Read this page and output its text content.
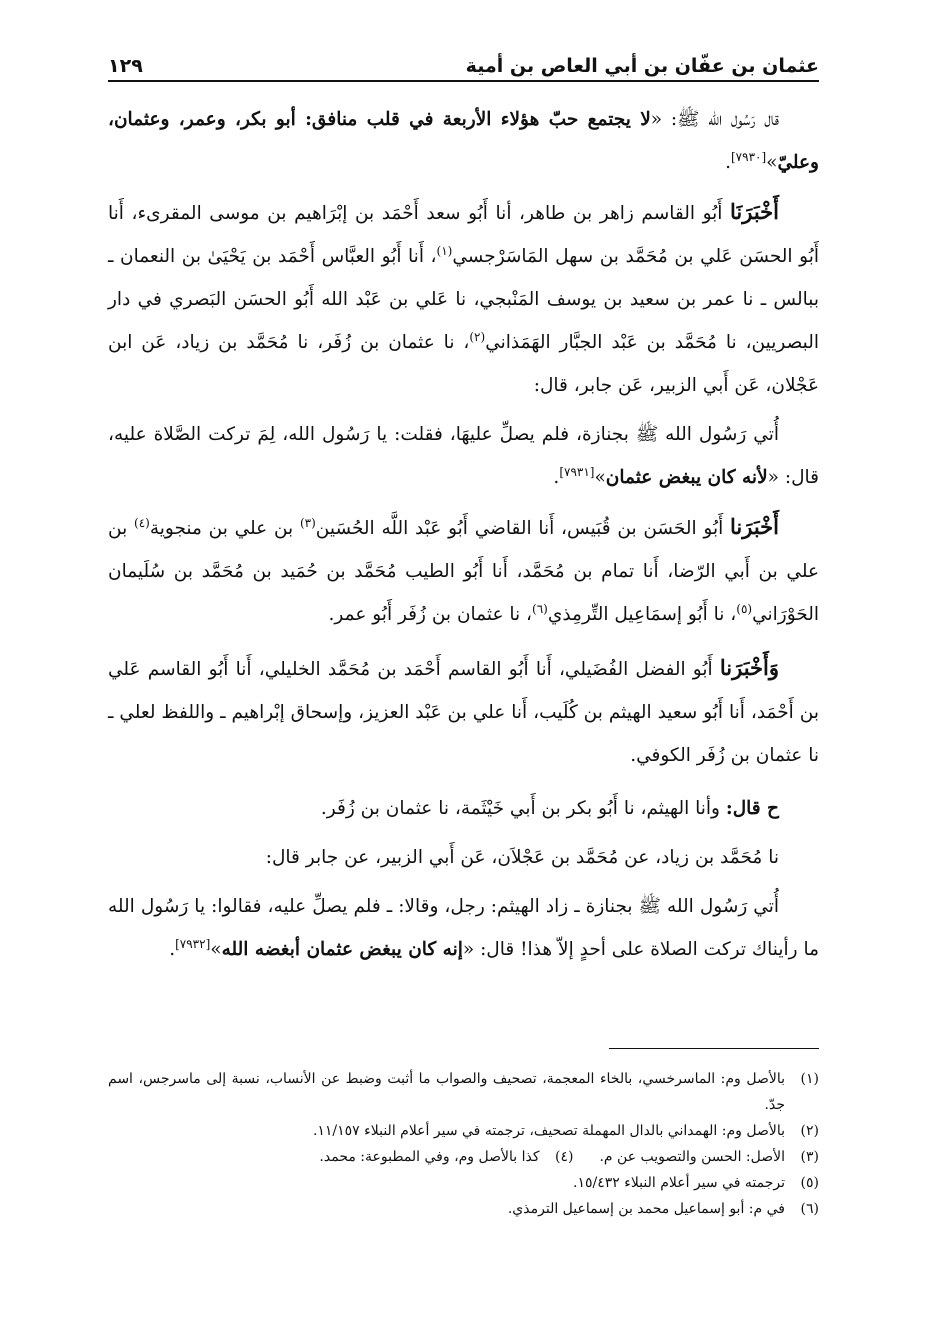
عثمان بن عفّان بن أبي العاص بن أمية
١٢٩

قال رَسُول الله ﷺ: «لا يجتمع حبّ هؤلاء الأربعة في قلب منافق: أبو بكر، وعمر، وعثمان، وعليّ»[٧٩٣٠].

أَخْبَرَنَا أَبُو القاسم زاهر بن طاهر، أنا أَبُو سعد أَحْمَد بن إبْرَاهيم بن موسى المقرىء، أَنا أَبُو الحسَن عَلي بن مُحَمَّد بن سهل المَاسَرْجسي$^{(١)}$، أَنا أَبُو العبَّاس أَحْمَد بن يَحْيَىٰ بن النعمان ـ ببالس ـ نا عمر بن سعيد بن يوسف المَنْبجي، نا عَلي بن عَبْد الله أَبُو الحسَن البَصري في دار البصريين، نا مُحَمَّد بن عَبْد الجبَّار الهَمَذاني$^{(٢)}$، نا عثمان بن زُفَر، نا مُحَمَّد بن زياد، عَن ابن عَجْلان، عَن أَبي الزبير، عَن جابر، قال:

أُتي رَسُول الله ﷺ بجنازة، فلم يصلِّ عليهَا، فقلت: يا رَسُول الله، لِمَ تركت الصَّلاة عليه، قال: «لأنه كان يبغض عثمان»[٧٩٣١].

أَخْبَرَنا أَبُو الحَسَن بن قُبَيس، أَنا القاضي أَبُو عَبْد اللَّه الحُسَين$^{(٣)}$ بن علي بن منجوية$^{(٤)}$ بن علي بن أَبي الرّضا، أَنا تمام بن مُحَمَّد، أَنا أَبُو الطيب مُحَمَّد بن حُمَيد بن مُحَمَّد بن سُلَيمان الحَوْرَاني$^{(٥)}$، نا أَبُو إسمَاعِيل التِّرمِذي$^{(٦)}$، نا عثمان بن زُفَر أَبُو عمر.

وَأَخْبَرَنا أَبُو الفضل الفُضَيلي، أَنا أَبُو القاسم أَحْمَد بن مُحَمَّد الخليلي، أَنا أَبُو القاسم عَلي بن أَحْمَد، أَنا أَبُو سعيد الهيثم بن كُلَيب، أَنا علي بن عَبْد العزيز، وإسحاق إبْراهيم ـ واللفظ لعلي ـ نا عثمان بن زُفَر الكوفي.

ح قال: وأنا الهيثم، نا أَبُو بكر بن أَبي خَيْثَمة، نا عثمان بن زُفَر.

نا مُحَمَّد بن زياد، عن مُحَمَّد بن عَجْلاَن، عَن أَبي الزبير، عن جابر قال:

أُتي رَسُول الله ﷺ بجنازة ـ زاد الهيثم: رجل، وقالا: ـ فلم يصلِّ عليه، فقالوا: يا رَسُول الله ما رأيناك تركت الصلاة على أحدٍ إلاّ هذا! قال: «إنه كان يبغض عثمان أبغضه الله»[٧٩٣٢].

(١)
بالأصل وم: الماسرخسي، بالخاء المعجمة، تصحيف والصواب ما أثبت وضبط عن الأنساب، نسبة إلى ماسرجس، اسم جدّ.
(٢)
بالأصل وم: الهمداني بالدال المهملة تصحيف، ترجمته في سير أعلام النبلاء ١١/١٥٧.
(٣)
الأصل: الحسن والتصويب عن م.
(٤)
كذا بالأصل وم، وفي المطبوعة: محمد.
(٥)
ترجمته في سير أعلام النبلاء ١٥/٤٣٢.
(٦)
في م: أبو إسماعيل محمد بن إسماعيل الترمذي.
